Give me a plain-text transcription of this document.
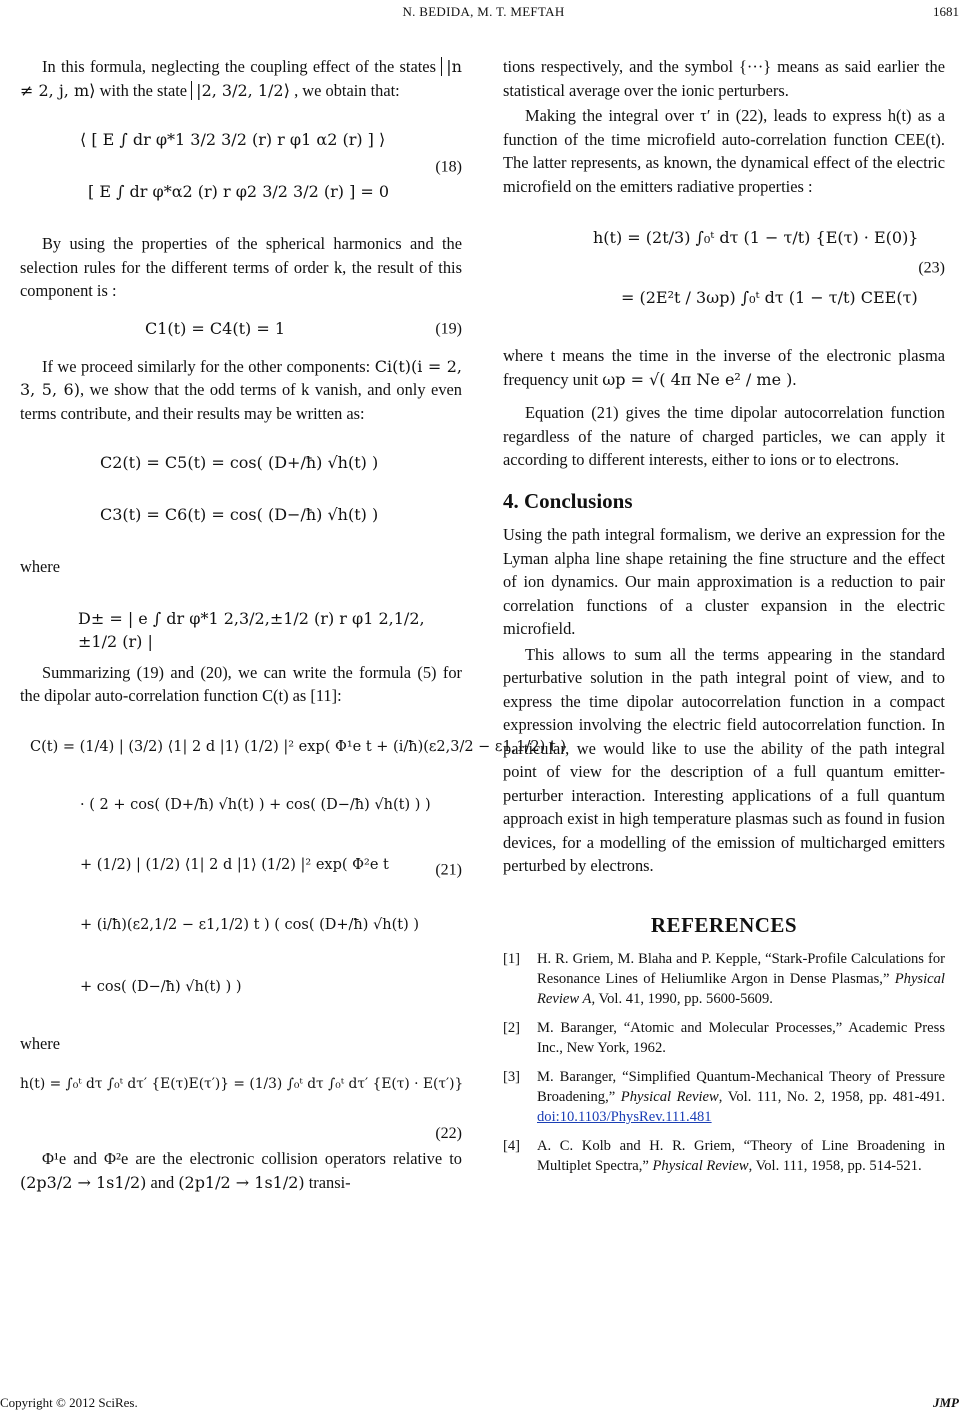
N. BEDIDA, M. T. MEFTAH	1681

In this formula, neglecting the coupling effect of the states |n ≠ 2, j, m⟩ with the state |2, 3/2, 1/2⟩ , we obtain that:

⟨ [ E ∫ dr φ*1 3/2 3/2 (r) r φ1 α2 (r) ] ⟩
[ E ∫ dr φ*α2 (r) r φ2 3/2 3/2 (r) ] = 0
(18)

By using the properties of the spherical harmonics and the selection rules for the different terms of order k, the result of this component is :

C1(t) = C4(t) = 1	(19)

If we proceed similarly for the other components: Ci(t)(i = 2, 3, 5, 6), we show that the odd terms of k vanish, and only even terms contribute, and their results may be written as:

C2(t) = C5(t) = cos( (D+/ħ) √h(t) )
C3(t) = C6(t) = cos( (D−/ħ) √h(t) )

where

D± = | e ∫ dr φ*1 2,3/2,±1/2 (r) r φ1 2,1/2,±1/2 (r) |

Summarizing (19) and (20), we can write the formula (5) for the dipolar auto-correlation function C(t) as [11]:

C(t) = (1/4) | (3/2) ⟨1| 2 d |1⟩ (1/2) |² exp( Φ¹e t + (i/ħ)(ε2,3/2 − ε1,1/2) t )
· ( 2 + cos( (D+/ħ) √h(t) ) + cos( (D−/ħ) √h(t) ) )
+ (1/2) | (1/2) ⟨1| 2 d |1⟩ (1/2) |² exp( Φ²e t
+ (i/ħ)(ε2,1/2 − ε1,1/2) t ) ( cos( (D+/ħ) √h(t) )
+ cos( (D−/ħ) √h(t) ) )
(21)

where

h(t) = ∫₀ᵗ dτ ∫₀ᵗ dτ′ {E(τ)E(τ′)} = (1/3) ∫₀ᵗ dτ ∫₀ᵗ dτ′ {E(τ) · E(τ′)}
(22)

Φ¹e and Φ²e are the electronic collision operators relative to (2p3/2 → 1s1/2) and (2p1/2 → 1s1/2) transi-

tions respectively, and the symbol {···} means as said earlier the statistical average over the ionic perturbers.

Making the integral over τ′ in (22), leads to express h(t) as a function of the time microfield auto-correlation function CEE(t). The latter represents, as known, the dynamical effect of the electric microfield on the emitters radiative properties :

h(t) = (2t/3) ∫₀ᵗ dτ (1 − τ/t) {E(τ) · E(0)}
= (2E²t / 3ωp) ∫₀ᵗ dτ (1 − τ/t) CEE(τ)
(23)

where t means the time in the inverse of the electronic plasma frequency unit ωp = √( 4π Ne e² / me ).

Equation (21) gives the time dipolar autocorrelation function regardless of the nature of charged particles, we can apply it according to different interests, either to ions or to electrons.

4. Conclusions

Using the path integral formalism, we derive an expression for the Lyman alpha line shape retaining the fine structure and the effect of ion dynamics. Our main approximation is a reduction to pair correlation functions of a cluster expansion in the electric microfield.

This allows to sum all the terms appearing in the standard perturbative solution in the path integral point of view, and to express the time dipolar autocorrelation function in a compact expression involving the electric field autocorrelation function. In particular, we would like to use the ability of the path integral point of view for the description of a full quantum emitter-perturber interaction. Interesting applications of a full quantum approach exist in high temperature plasmas such as found in fusion devices, for a modelling of the emission of multicharged emitters perturbed by electrons.

REFERENCES
[1]	H. R. Griem, M. Blaha and P. Kepple, “Stark-Profile Calculations for Resonance Lines of Heliumlike Argon in Dense Plasmas,” Physical Review A, Vol. 41, 1990, pp. 5600-5609.
[2]	M. Baranger, “Atomic and Molecular Processes,” Academic Press Inc., New York, 1962.
[3]	M. Baranger, “Simplified Quantum-Mechanical Theory of Pressure Broadening,” Physical Review, Vol. 111, No. 2, 1958, pp. 481-491. doi:10.1103/PhysRev.111.481
[4]	A. C. Kolb and H. R. Griem, “Theory of Line Broadening in Multiplet Spectra,” Physical Review, Vol. 111, 1958, pp. 514-521.
Copyright © 2012 SciRes.	JMP
